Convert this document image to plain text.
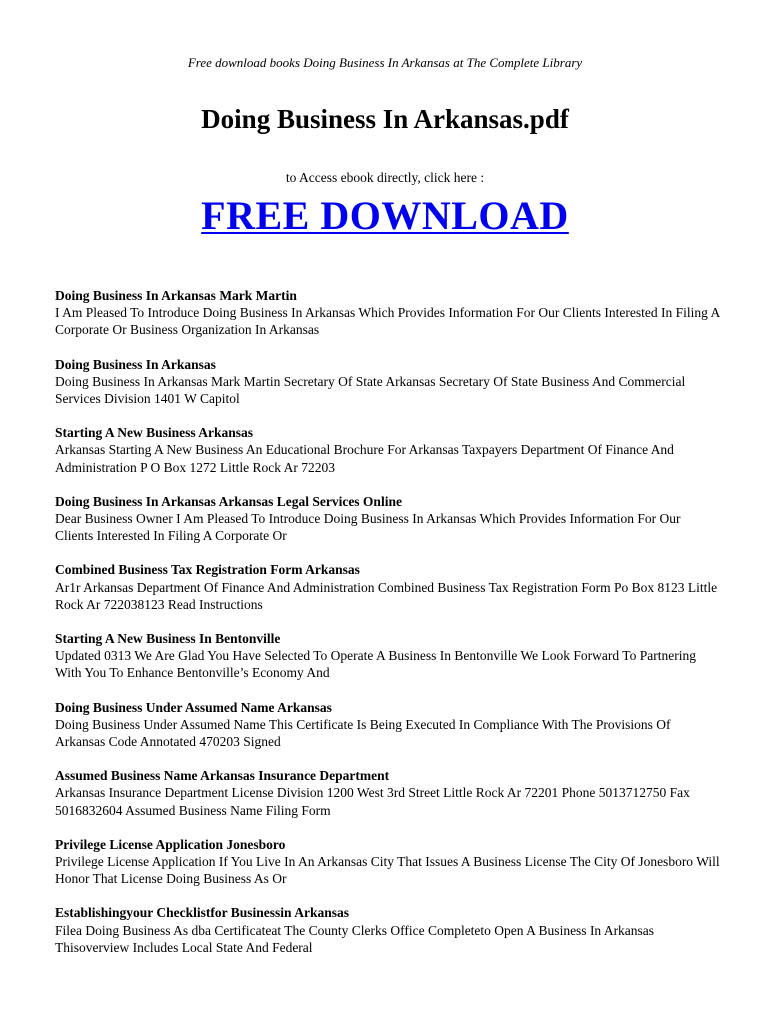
Free download books Doing Business In Arkansas at The Complete Library
Doing Business In Arkansas.pdf
to Access ebook directly, click here :
FREE DOWNLOAD
Doing Business In Arkansas Mark Martin
I Am Pleased To Introduce Doing Business In Arkansas Which Provides Information For Our Clients Interested In Filing A Corporate Or Business Organization In Arkansas
Doing Business In Arkansas
Doing Business In Arkansas Mark Martin Secretary Of State Arkansas Secretary Of State Business And Commercial Services Division 1401 W Capitol
Starting A New Business Arkansas
Arkansas Starting A New Business An Educational Brochure For Arkansas Taxpayers Department Of Finance And Administration P O Box 1272 Little Rock Ar 72203
Doing Business In Arkansas Arkansas Legal Services Online
Dear Business Owner I Am Pleased To Introduce Doing Business In Arkansas Which Provides Information For Our Clients Interested In Filing A Corporate Or
Combined Business Tax Registration Form Arkansas
Ar1r Arkansas Department Of Finance And Administration Combined Business Tax Registration Form Po Box 8123 Little Rock Ar 722038123 Read Instructions
Starting A New Business In Bentonville
Updated 0313 We Are Glad You Have Selected To Operate A Business In Bentonville We Look Forward To Partnering With You To Enhance Bentonville’s Economy And
Doing Business Under Assumed Name Arkansas
Doing Business Under Assumed Name This Certificate Is Being Executed In Compliance With The Provisions Of Arkansas Code Annotated 470203 Signed
Assumed Business Name Arkansas Insurance Department
Arkansas Insurance Department License Division 1200 West 3rd Street Little Rock Ar 72201 Phone 5013712750 Fax 5016832604 Assumed Business Name Filing Form
Privilege License Application Jonesboro
Privilege License Application If You Live In An Arkansas City That Issues A Business License The City Of Jonesboro Will Honor That License Doing Business As Or
Establishingyour Checklistfor Businessin Arkansas
Filea Doing Business As dba Certificateat The County Clerks Office Completeto Open A Business In Arkansas Thisoverview Includes Local State And Federal
